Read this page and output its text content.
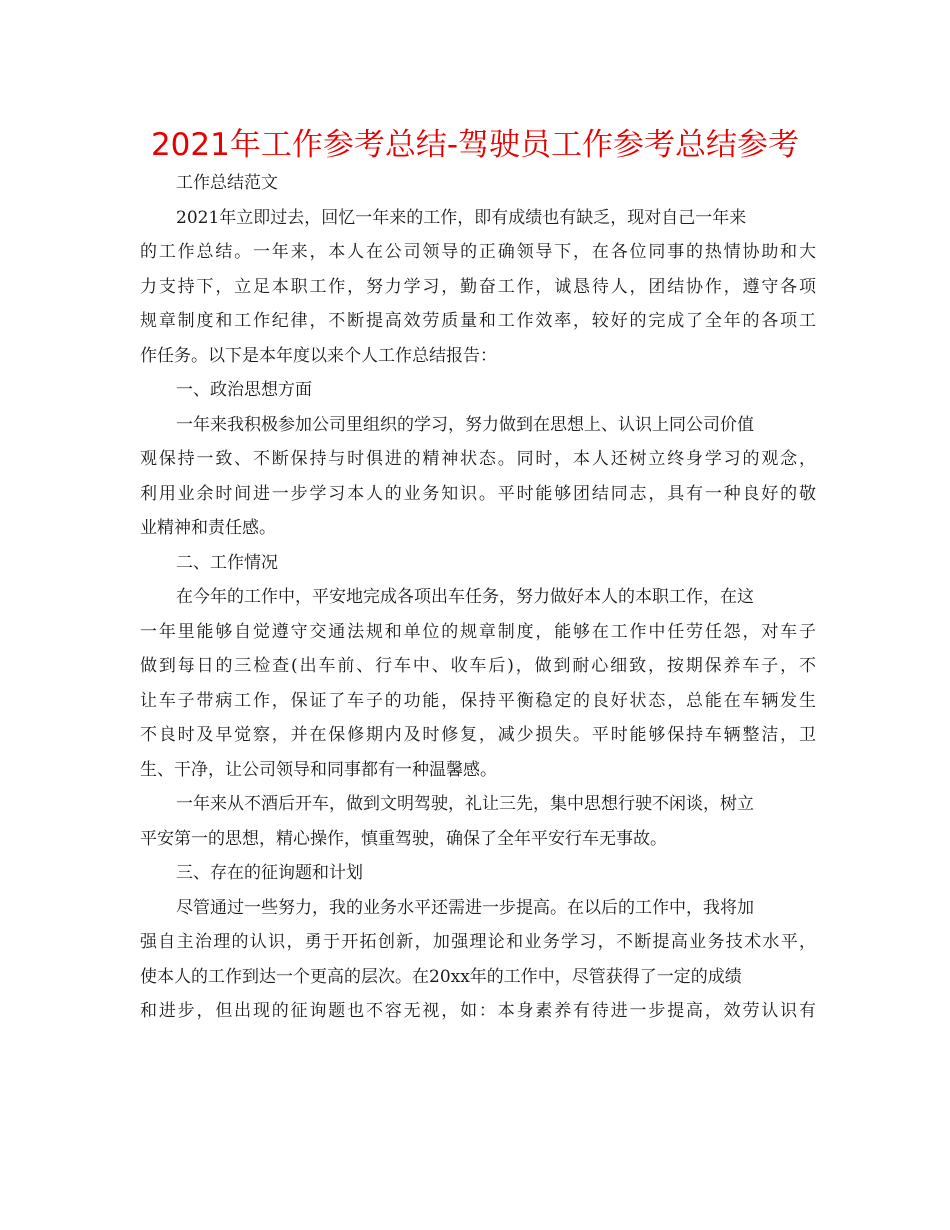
2021年工作参考总结-驾驶员工作参考总结参考
工作总结范文
2021年立即过去，回忆一年来的工作，即有成绩也有缺乏，现对自己一年来
的工作总结。一年来，本人在公司领导的正确领导下，在各位同事的热情协助和大
力支持下，立足本职工作，努力学习，勤奋工作，诚恳待人，团结协作，遵守各项
规章制度和工作纪律，不断提高效劳质量和工作效率，较好的完成了全年的各项工
作任务。以下是本年度以来个人工作总结报告：
一、政治思想方面
一年来我积极参加公司里组织的学习，努力做到在思想上、认识上同公司价值
观保持一致、不断保持与时俱进的精神状态。同时，本人还树立终身学习的观念，
利用业余时间进一步学习本人的业务知识。平时能够团结同志，具有一种良好的敬
业精神和责任感。
二、工作情况
在今年的工作中，平安地完成各项出车任务，努力做好本人的本职工作，在这
一年里能够自觉遵守交通法规和单位的规章制度，能够在工作中任劳任怨，对车子
做到每日的三检查(出车前、行车中、收车后)，做到耐心细致，按期保养车子，不
让车子带病工作，保证了车子的功能，保持平衡稳定的良好状态，总能在车辆发生
不良时及早觉察，并在保修期内及时修复，减少损失。平时能够保持车辆整洁，卫
生、干净，让公司领导和同事都有一种温馨感。
一年来从不酒后开车，做到文明驾驶，礼让三先，集中思想行驶不闲谈，树立
平安第一的思想，精心操作，慎重驾驶，确保了全年平安行车无事故。
三、存在的征询题和计划
尽管通过一些努力，我的业务水平还需进一步提高。在以后的工作中，我将加
强自主治理的认识，勇于开拓创新，加强理论和业务学习，不断提高业务技术水平，
使本人的工作到达一个更高的层次。在20xx年的工作中，尽管获得了一定的成绩
和进步，但出现的征询题也不容无视，如：本身素养有待进一步提高，效劳认识有
